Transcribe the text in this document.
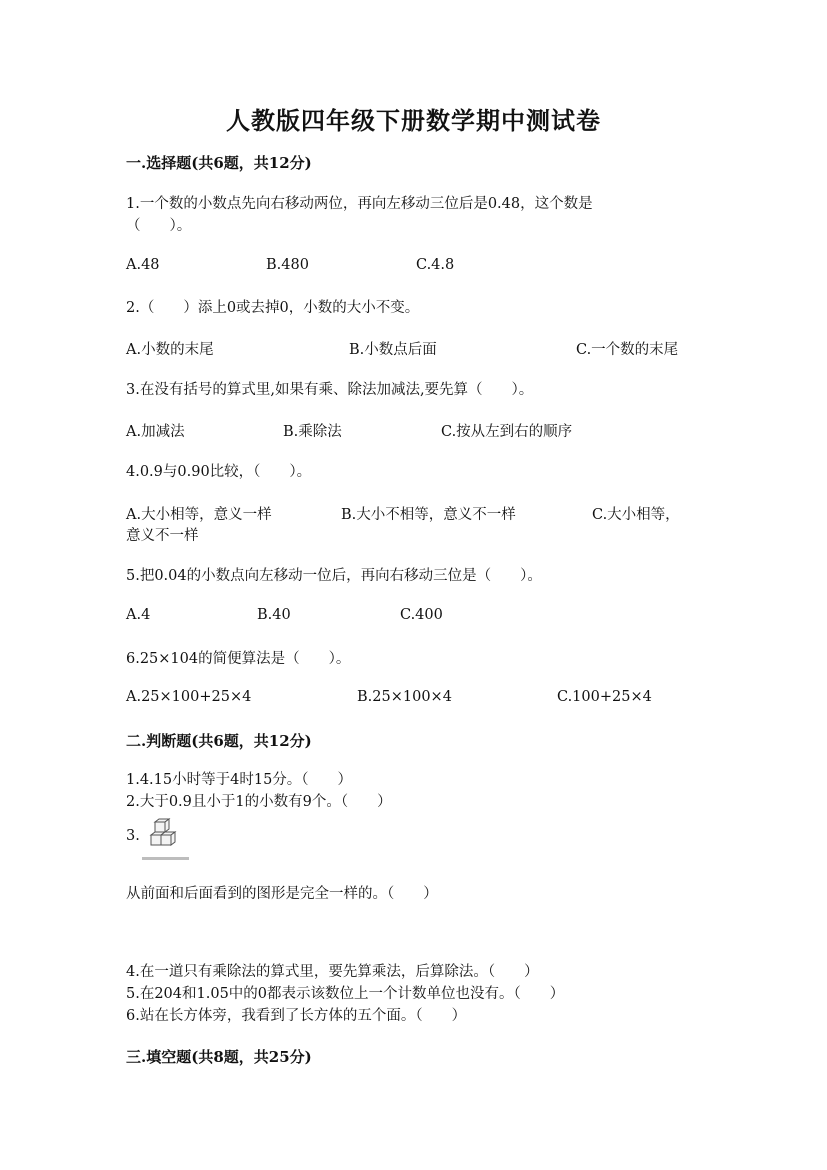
人教版四年级下册数学期中测试卷
一.选择题(共6题，共12分)
1.一个数的小数点先向右移动两位，再向左移动三位后是0.48，这个数是
（　　）。
A.48	B.480	C.4.8
2.（　　）添上0或去掉0，小数的大小不变。
A.小数的末尾	B.小数点后面	C.一个数的末尾
3.在没有括号的算式里,如果有乘、除法加减法,要先算（　　）。
A.加减法	B.乘除法	C.按从左到右的顺序
4.0.9与0.90比较，（　　）。
A.大小相等，意义一样	B.大小不相等，意义不一样	C.大小相等，
意义不一样
5.把0.04的小数点向左移动一位后，再向右移动三位是（　　）。
A.4	B.40	C.400
6.25×104的简便算法是（　　）。
A.25×100+25×4	B.25×100×4	C.100+25×4
二.判断题(共6题，共12分)
1.4.15小时等于4时15分。（　　）
2.大于0.9且小于1的小数有9个。（　　）
3.
从前面和后面看到的图形是完全一样的。（　　）
4.在一道只有乘除法的算式里，要先算乘法，后算除法。（　　）
5.在204和1.05中的0都表示该数位上一个计数单位也没有。（　　）
6.站在长方体旁，我看到了长方体的五个面。（　　）
三.填空题(共8题，共25分)
